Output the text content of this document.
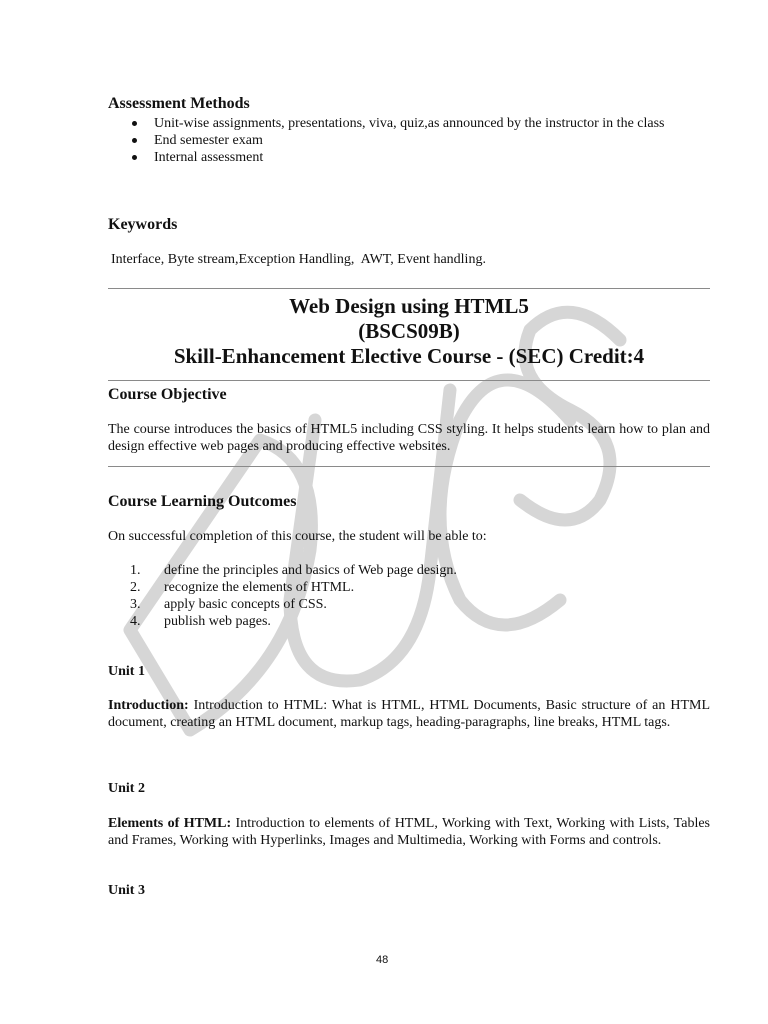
Assessment Methods
Unit-wise assignments, presentations, viva, quiz,as announced by the instructor in the class
End semester exam
Internal assessment
Keywords

Interface, Byte stream,Exception Handling,  AWT, Event handling.

Web Design using HTML5
(BSCS09B)
Skill-Enhancement Elective Course - (SEC) Credit:4
Course Objective

The course introduces the basics of HTML5 including CSS styling. It helps students learn how to plan and design effective web pages and producing effective websites.

Course Learning Outcomes

On successful completion of this course, the student will be able to:

1.	define the principles and basics of Web page design.
2.	recognize the elements of HTML.
3.	apply basic concepts of CSS.
4.	publish web pages.
Unit 1

Introduction: Introduction to HTML: What is HTML, HTML Documents, Basic structure of an HTML document, creating an HTML document, markup tags, heading-paragraphs, line breaks, HTML tags.

Unit 2

Elements of HTML: Introduction to elements of HTML, Working with Text, Working with Lists, Tables and Frames, Working with Hyperlinks, Images and Multimedia, Working with Forms and controls.

Unit 3
48
